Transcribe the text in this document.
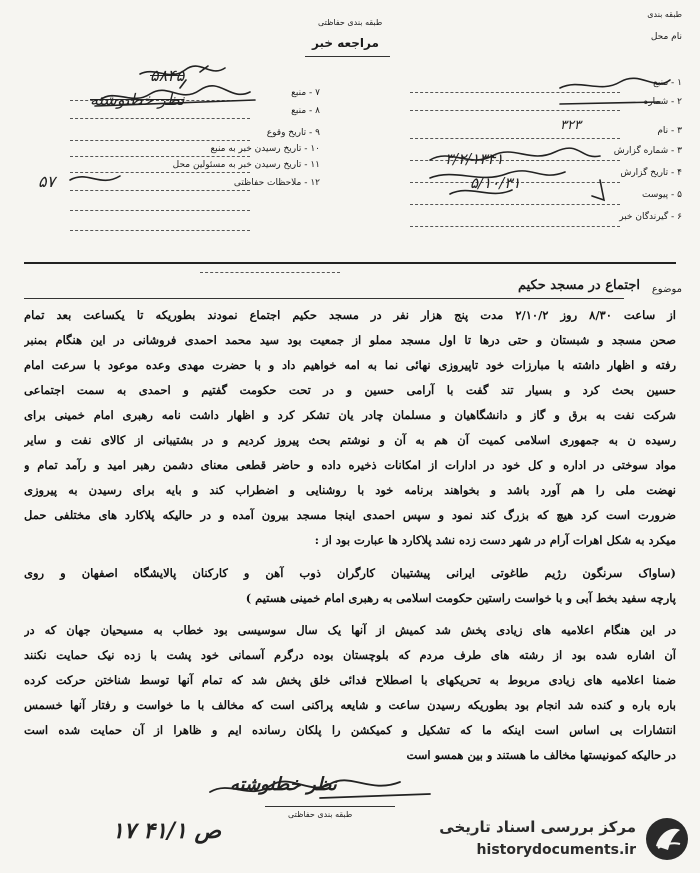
طبقه بندی
نام محل
طبقه بندی حفاظتی
مراجعه خبر
۱ - منبع
۲ - شماره
۳ - نام
۳ - شماره گزارش
۴ - تاریخ گزارش
۵ - پیوست
۶ - گیرندگان خبر
۳۲۳
۳/۲/۱۳۴۱
۵/۱۰/۳۱
۷ - منبع
۸ - منبع
۹ - تاریخ وقوع
۱۰ - تاریخ رسیدن خبر به منبع
۱۱ - تاریخ رسیدن خبر به مسئولین محل
۱۲ - ملاحظات حفاظتی
۵۸۴۵
نظر خطنوشته
۵۷
موضوع
اجتماع در مسجد حکیم
از ساعت ۸/۳۰ روز ۲/۱۰/۲ مدت پنج هزار نفر در مسجد حکیم اجتماع نمودند بطوریکه تا یکساعت بعد تمام
صحن مسجد و شبستان و حتی درها تا اول مسجد مملو از جمعیت بود سید محمد احمدی فروشانی در این هنگام بمنبر
رفته و اظهار داشته با مبارزات خود تاپیروزی نهائی نما به امه خواهیم داد و با حضرت مهدی وعده موعود با سرعت امام
حسین بحث کرد و بسیار تند گفت با آرامی حسین و در تحت حکومت گفتیم و احمدی به سمت اجتماعی
شرکت نفت به برق و گاز و دانشگاهیان و مسلمان چادر یان تشکر کرد و اظهار داشت نامه رهبری امام خمینی برای
رسیده ن به جمهوری اسلامی کمیت آن هم به آن و نوشتم بحث پیروز کردیم و در بشتیبانی از کالای نفت و سایر
مواد سوختی در اداره و کل خود در ادارات از امکانات ذخیره داده و حاضر قطعی معنای دشمن رهبر امید و رآمد تمام و
نهضت ملی را هم آورد باشد و بخواهند برنامه خود با روشنایی و اضطراب کند و بایه برای رسیدن به پیروزی
ضرورت است کرد هیچ که بزرگ کند نمود و سپس احمدی اینجا مسجد بیرون آمده و در حالیکه پلاکارد های مختلفی حمل
میکرد به شکل اهرات آرام در شهر دست زده نشد پلاکارد ها عبارت بود از :
(ساواک سرنگون رژیم طاغوتی ایرانی پیشتیبان کارگران ذوب آهن و کارکنان پالایشگاه اصفهان و روی
پارچه سفید بخط آبی و با خواست راستین حکومت اسلامی به رهبری امام خمینی هستیم )
در این هنگام اعلامیه های زیادی پخش شد کمیش از آنها یک سال سوسیسی بود خطاب به مسیحیان جهان که در
آن اشاره شده بود از رشته های طرف مردم که بلوچستان بوده درگرم آسمانی خود پشت با زده نیک حمایت نکنند
ضمنا اعلامیه های زیادی مربوط به تحریکهای با اصطلاح فدائی خلق پخش شد که تمام آنها توسط شناختن حرکت کرده
باره باره و کنده شد انجام بود بطوریکه رسیدن ساعت و شایعه پراکنی است که مخالف با ما خواست و رفتار آنها خسمس
انتشارات بی اساس است اینکه ما که تشکیل و کمیکشن را پلکان رسانده ایم و ظاهرا از آن حمایت شده است
در حالیکه کمونیستها مخالف ما هستند و بین همسو است
نظر خطنوشته
طبقه بندی حفاظتی
۱۷ ص ۴۱/۱	مرکز بررسی اسناد تاریخی
historydocuments.ir
